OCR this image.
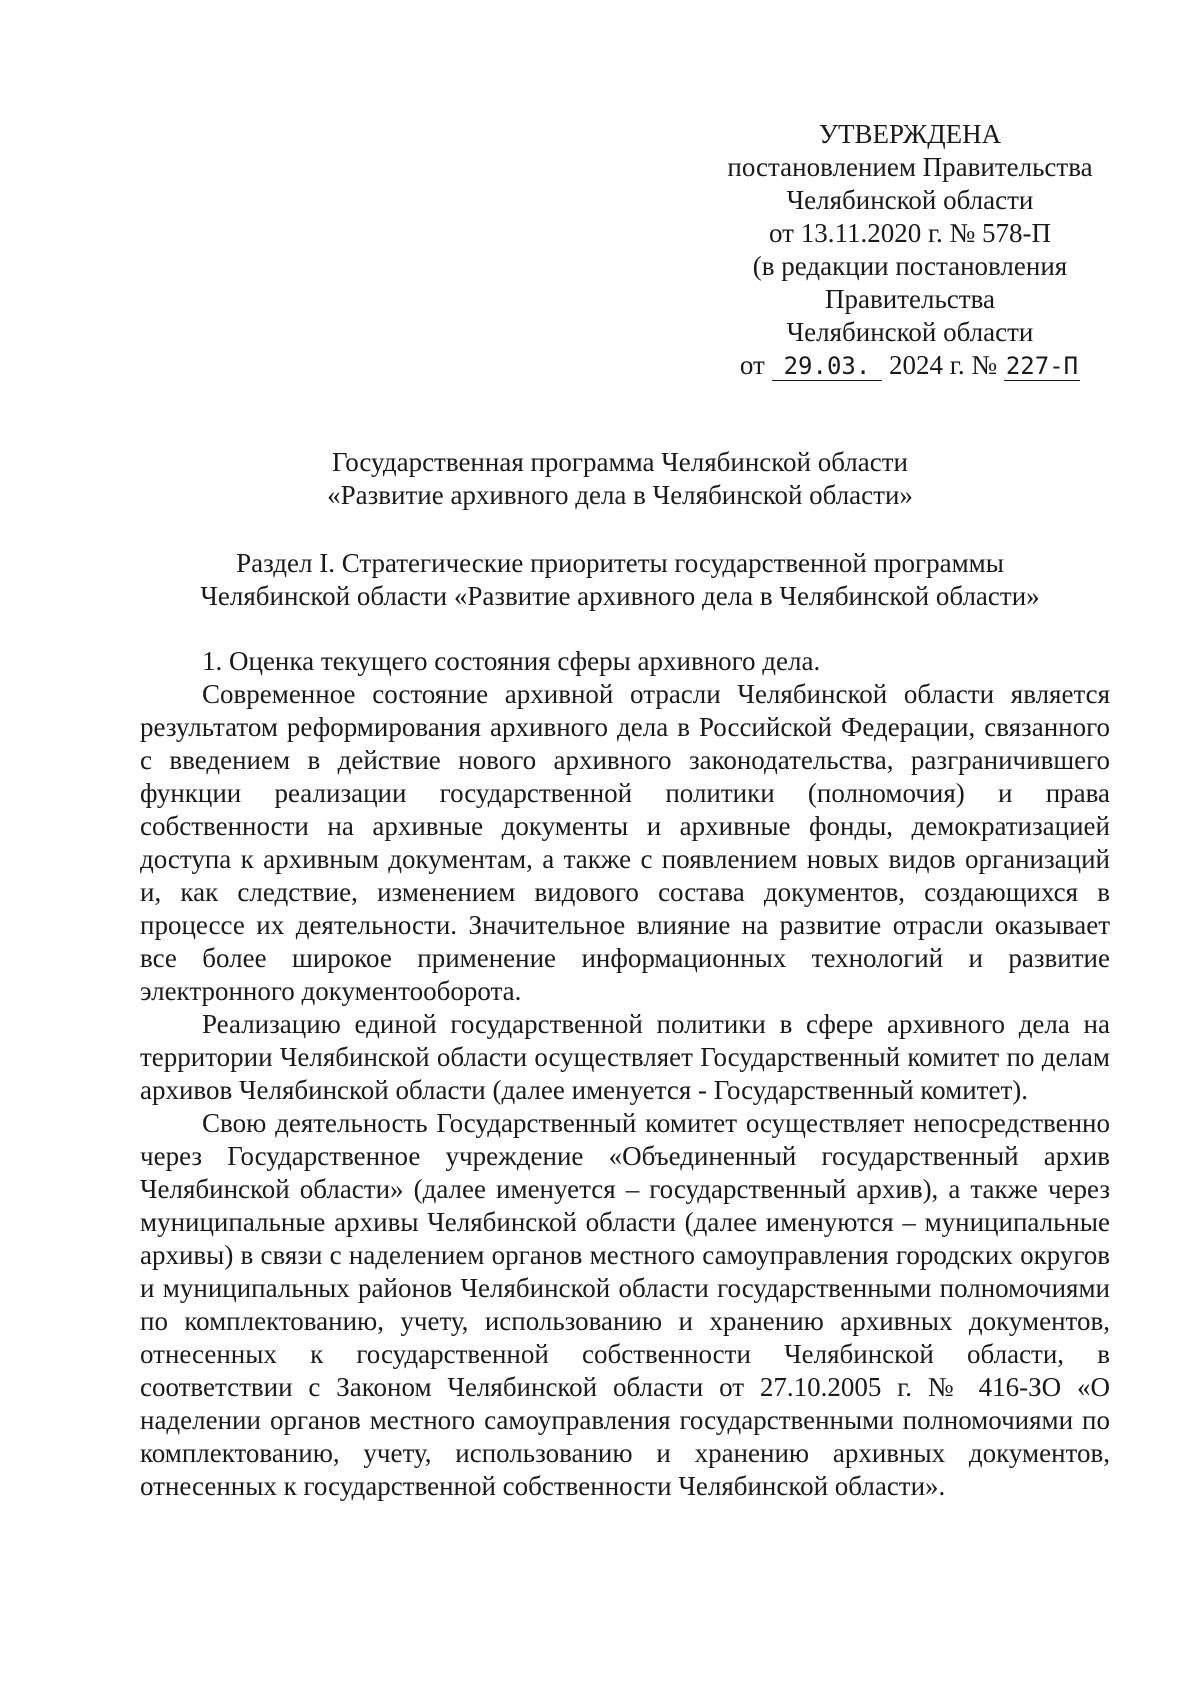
УТВЕРЖДЕНА
постановлением Правительства
Челябинской области
от 13.11.2020 г. № 578-П
(в редакции постановления
Правительства
Челябинской области
от 29.03. 2024 г. № 227-П
Государственная программа Челябинской области
«Развитие архивного дела в Челябинской области»
Раздел I. Стратегические приоритеты государственной программы
Челябинской области «Развитие архивного дела в Челябинской области»

1. Оценка текущего состояния сферы архивного дела.

Современное состояние архивной отрасли Челябинской области является результатом реформирования архивного дела в Российской Федерации, связанного с введением в действие нового архивного законодательства, разграничившего функции реализации государственной политики (полномочия) и права собственности на архивные документы и архивные фонды, демократизацией доступа к архивным документам, а также с появлением новых видов организаций и, как следствие, изменением видового состава документов, создающихся в процессе их деятельности. Значительное влияние на развитие отрасли оказывает все более широкое применение информационных технологий и развитие электронного документооборота.

Реализацию единой государственной политики в сфере архивного дела на территории Челябинской области осуществляет Государственный комитет по делам архивов Челябинской области (далее именуется - Государственный комитет).

Свою деятельность Государственный комитет осуществляет непосредственно через Государственное учреждение «Объединенный государственный архив Челябинской области» (далее именуется – государственный архив), а также через муниципальные архивы Челябинской области (далее именуются – муниципальные архивы) в связи с наделением органов местного самоуправления городских округов и муниципальных районов Челябинской области государственными полномочиями по комплектованию, учету, использованию и хранению архивных документов, отнесенных к государственной собственности Челябинской области, в соответствии с Законом Челябинской области от 27.10.2005 г. № 416-ЗО «О наделении органов местного самоуправления государственными полномочиями по комплектованию, учету, использованию и хранению архивных документов, отнесенных к государственной собственности Челябинской области».
